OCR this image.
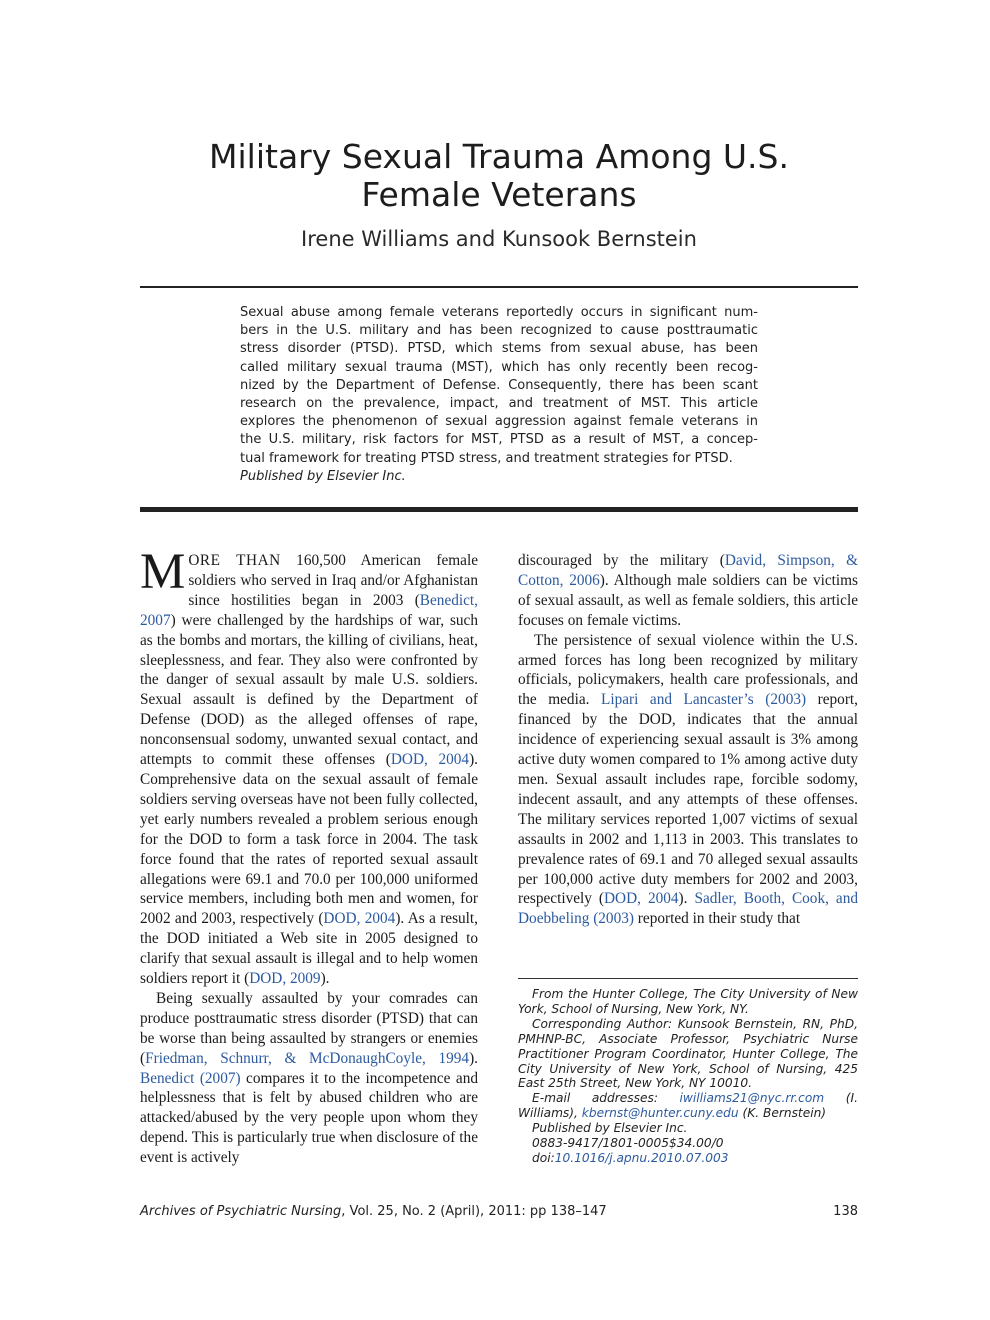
Military Sexual Trauma Among U.S.
Female Veterans
Irene Williams and Kunsook Bernstein

Sexual abuse among female veterans reportedly occurs in significant num-

bers in the U.S. military and has been recognized to cause posttraumatic

stress disorder (PTSD). PTSD, which stems from sexual abuse, has been

called military sexual trauma (MST), which has only recently been recog-

nized by the Department of Defense. Consequently, there has been scant

research on the prevalence, impact, and treatment of MST. This article

explores the phenomenon of sexual aggression against female veterans in

the U.S. military, risk factors for MST, PTSD as a result of MST, a concep-

tual framework for treating PTSD stress, and treatment strategies for PTSD.

Published by Elsevier Inc.

MORE THAN 160,500 American female soldiers who served in Iraq and/or Afghanistan since hostilities began in 2003 (Benedict, 2007) were challenged by the hardships of war, such as the bombs and mortars, the killing of civilians, heat, sleeplessness, and fear. They also were confronted by the danger of sexual assault by male U.S. soldiers. Sexual assault is defined by the Department of Defense (DOD) as the alleged offenses of rape, nonconsensual sodomy, unwanted sexual contact, and attempts to commit these offenses (DOD, 2004). Comprehensive data on the sexual assault of female soldiers serving overseas have not been fully collected, yet early numbers revealed a problem serious enough for the DOD to form a task force in 2004. The task force found that the rates of reported sexual assault allegations were 69.1 and 70.0 per 100,000 uniformed service members, including both men and women, for 2002 and 2003, respectively (DOD, 2004). As a result, the DOD initiated a Web site in 2005 designed to clarify that sexual assault is illegal and to help women soldiers report it (DOD, 2009).

Being sexually assaulted by your comrades can produce posttraumatic stress disorder (PTSD) that can be worse than being assaulted by strangers or enemies (Friedman, Schnurr, & McDonaughCoyle, 1994). Benedict (2007) compares it to the incompetence and helplessness that is felt by abused children who are attacked/abused by the very people upon whom they depend. This is particularly true when disclosure of the event is actively

discouraged by the military (David, Simpson, & Cotton, 2006). Although male soldiers can be victims of sexual assault, as well as female soldiers, this article focuses on female victims.

The persistence of sexual violence within the U.S. armed forces has long been recognized by military officials, policymakers, health care professionals, and the media. Lipari and Lancaster’s (2003) report, financed by the DOD, indicates that the annual incidence of experiencing sexual assault is 3% among active duty women compared to 1% among active duty men. Sexual assault includes rape, forcible sodomy, indecent assault, and any attempts of these offenses. The military services reported 1,007 victims of sexual assaults in 2002 and 1,113 in 2003. This translates to prevalence rates of 69.1 and 70 alleged sexual assaults per 100,000 active duty members for 2002 and 2003, respectively (DOD, 2004). Sadler, Booth, Cook, and Doebbeling (2003) reported in their study that

From the Hunter College, The City University of New York, School of Nursing, New York, NY.

Corresponding Author: Kunsook Bernstein, RN, PhD, PMHNP-BC, Associate Professor, Psychiatric Nurse Practitioner Program Coordinator, Hunter College, The City University of New York, School of Nursing, 425 East 25th Street, New York, NY 10010.

E-mail addresses: iwilliams21@nyc.rr.com (I. Williams), kbernst@hunter.cuny.edu (K. Bernstein)

Published by Elsevier Inc.

0883-9417/1801-0005$34.00/0

doi:10.1016/j.apnu.2010.07.003

Archives of Psychiatric Nursing, Vol. 25, No. 2 (April), 2011: pp 138–147	138
